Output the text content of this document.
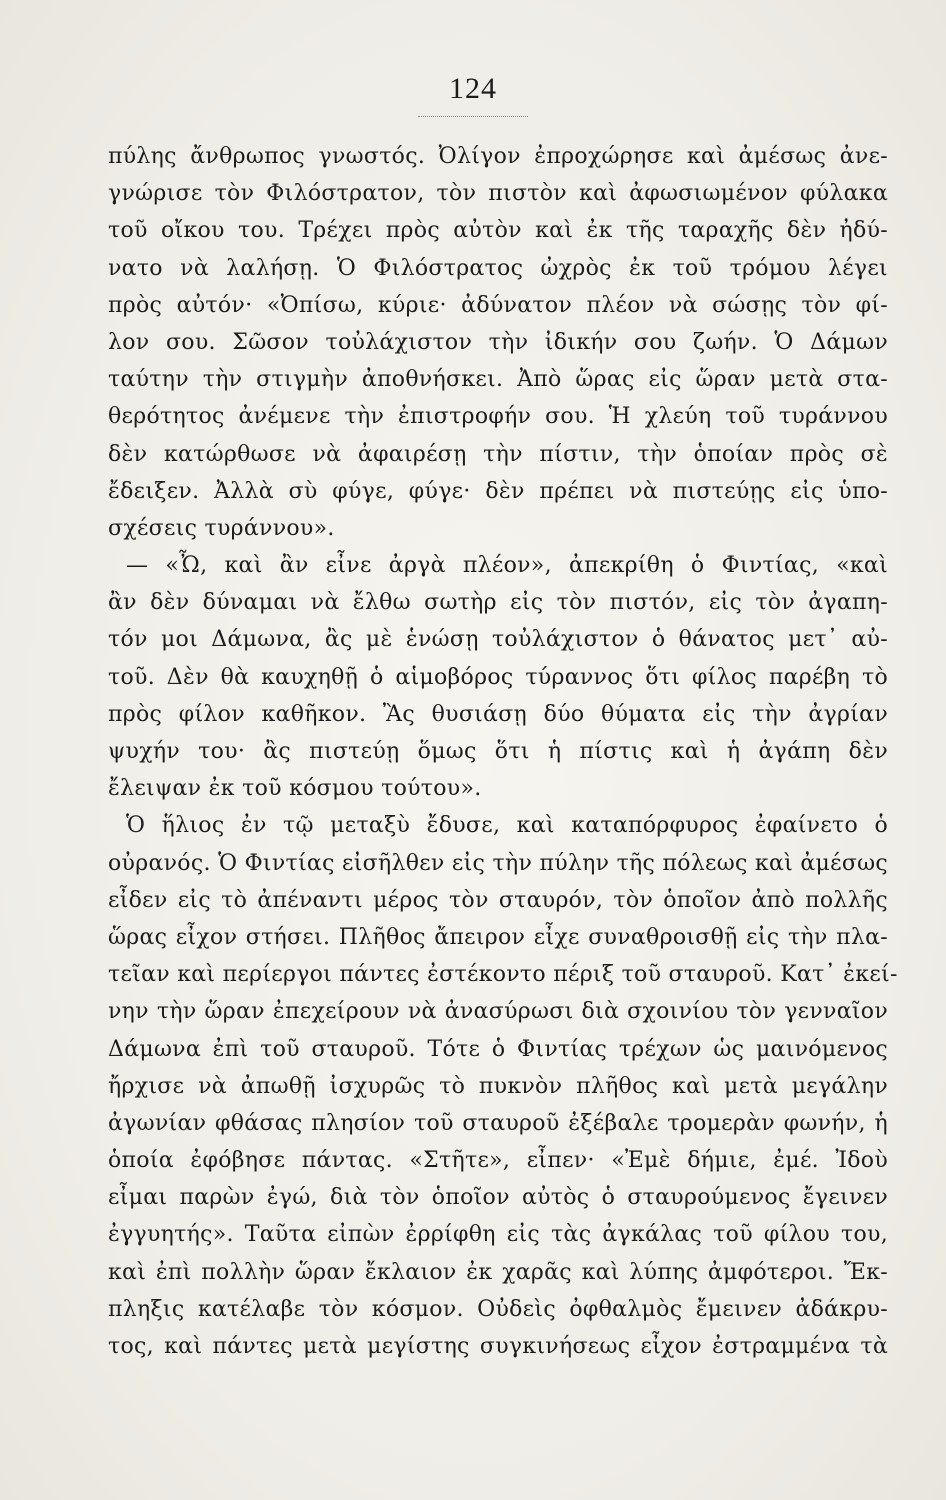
124
πύλης ἄνθρωπος γνωστός. Ὀλίγον ἐπροχώρησε καὶ ἀμέσως ἀνε-
γνώρισε τὸν Φιλόστρατον, τὸν πιστὸν καὶ ἀφωσιωμένον φύλακα
τοῦ οἴκου του. Τρέχει πρὸς αὐτὸν καὶ ἐκ τῆς ταραχῆς δὲν ἠδύ-
νατο νὰ λαλήσῃ. Ὁ Φιλόστρατος ὠχρὸς ἐκ τοῦ τρόμου λέγει
πρὸς αὐτόν· «Ὀπίσω, κύριε· ἀδύνατον πλέον νὰ σώσῃς τὸν φί-
λον σου. Σῶσον τοὐλάχιστον τὴν ἰδικήν σου ζωήν. Ὁ Δάμων
ταύτην τὴν στιγμὴν ἀποθνήσκει. Ἀπὸ ὥρας εἰς ὥραν μετὰ στα-
θερότητος ἀνέμενε τὴν ἐπιστροφήν σου. Ἡ χλεύη τοῦ τυράννου
δὲν κατώρθωσε νὰ ἀφαιρέσῃ τὴν πίστιν, τὴν ὁποίαν πρὸς σὲ
ἔδειξεν. Ἀλλὰ σὺ φύγε, φύγε· δὲν πρέπει νὰ πιστεύῃς εἰς ὑπο-
σχέσεις τυράννου».
— «Ὦ, καὶ ἂν εἶνε ἀργὰ πλέον», ἀπεκρίθη ὁ Φιντίας, «καὶ
ἂν δὲν δύναμαι νὰ ἔλθω σωτὴρ εἰς τὸν πιστόν, εἰς τὸν ἀγαπη-
τόν μοι Δάμωνα, ἂς μὲ ἑνώσῃ τοὐλάχιστον ὁ θάνατος μετ᾽ αὐ-
τοῦ. Δὲν θὰ καυχηθῇ ὁ αἱμοβόρος τύραννος ὅτι φίλος παρέβη τὸ
πρὸς φίλον καθῆκον. Ἂς θυσιάσῃ δύο θύματα εἰς τὴν ἀγρίαν
ψυχήν του· ἂς πιστεύῃ ὅμως ὅτι ἡ πίστις καὶ ἡ ἀγάπη δὲν
ἔλειψαν ἐκ τοῦ κόσμου τούτου».
Ὁ ἥλιος ἐν τῷ μεταξὺ ἔδυσε, καὶ καταπόρφυρος ἐφαίνετο ὁ
οὐρανός. Ὁ Φιντίας εἰσῆλθεν εἰς τὴν πύλην τῆς πόλεως καὶ ἀμέσως
εἶδεν εἰς τὸ ἀπέναντι μέρος τὸν σταυρόν, τὸν ὁποῖον ἀπὸ πολλῆς
ὥρας εἶχον στήσει. Πλῆθος ἄπειρον εἶχε συναθροισθῇ εἰς τὴν πλα-
τεῖαν καὶ περίεργοι πάντες ἐστέκοντο πέριξ τοῦ σταυροῦ. Κατ᾽ ἐκεί-
νην τὴν ὥραν ἐπεχείρουν νὰ ἀνασύρωσι διὰ σχοινίου τὸν γενναῖον
Δάμωνα ἐπὶ τοῦ σταυροῦ. Τότε ὁ Φιντίας τρέχων ὡς μαινόμενος
ἤρχισε νὰ ἀπωθῇ ἰσχυρῶς τὸ πυκνὸν πλῆθος καὶ μετὰ μεγάλην
ἀγωνίαν φθάσας πλησίον τοῦ σταυροῦ ἐξέβαλε τρομερὰν φωνήν, ἡ
ὁποία ἐφόβησε πάντας. «Στῆτε», εἶπεν· «Ἐμὲ δήμιε, ἐμέ. Ἰδοὺ
εἶμαι παρὼν ἐγώ, διὰ τὸν ὁποῖον αὐτὸς ὁ σταυρούμενος ἔγεινεν
ἐγγυητής». Ταῦτα εἰπὼν ἐρρίφθη εἰς τὰς ἀγκάλας τοῦ φίλου του,
καὶ ἐπὶ πολλὴν ὥραν ἔκλαιον ἐκ χαρᾶς καὶ λύπης ἀμφότεροι. Ἔκ-
πληξις κατέλαβε τὸν κόσμον. Οὐδεὶς ὀφθαλμὸς ἔμεινεν ἀδάκρυ-
τος, καὶ πάντες μετὰ μεγίστης συγκινήσεως εἶχον ἐστραμμένα τὰ
